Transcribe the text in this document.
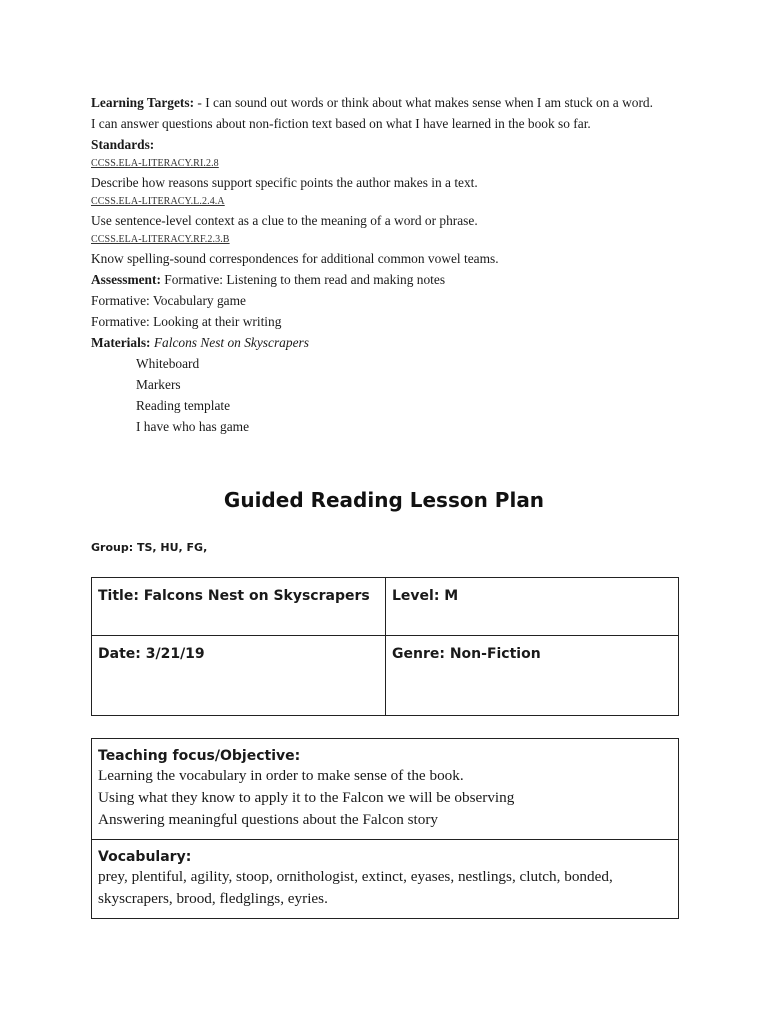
Learning Targets: - I can sound out words or think about what makes sense when I am stuck on a word.

I can answer questions about non-fiction text based on what I have learned in the book so far.

Standards:

CCSS.ELA-LITERACY.RI.2.8

Describe how reasons support specific points the author makes in a text.

CCSS.ELA-LITERACY.L.2.4.A

Use sentence-level context as a clue to the meaning of a word or phrase.

CCSS.ELA-LITERACY.RF.2.3.B

Know spelling-sound correspondences for additional common vowel teams.

Assessment: Formative: Listening to them read and making notes

Formative: Vocabulary game

Formative: Looking at their writing

Materials: Falcons Nest on Skyscrapers

Whiteboard

Markers

Reading template

I have who has game

Guided Reading Lesson Plan
Group: TS, HU, FG,
Title: Falcons Nest on Skyscrapers	Level: M
Date: 3/21/19	Genre: Non-Fiction
Teaching focus/Objective:
Learning the vocabulary in order to make sense of the book.
Using what they know to apply it to the Falcon we will be observing
Answering meaningful questions about the Falcon story

Vocabulary:
prey, plentiful, agility, stoop, ornithologist, extinct, eyases, nestlings, clutch, bonded, skyscrapers, brood, fledglings, eyries.
